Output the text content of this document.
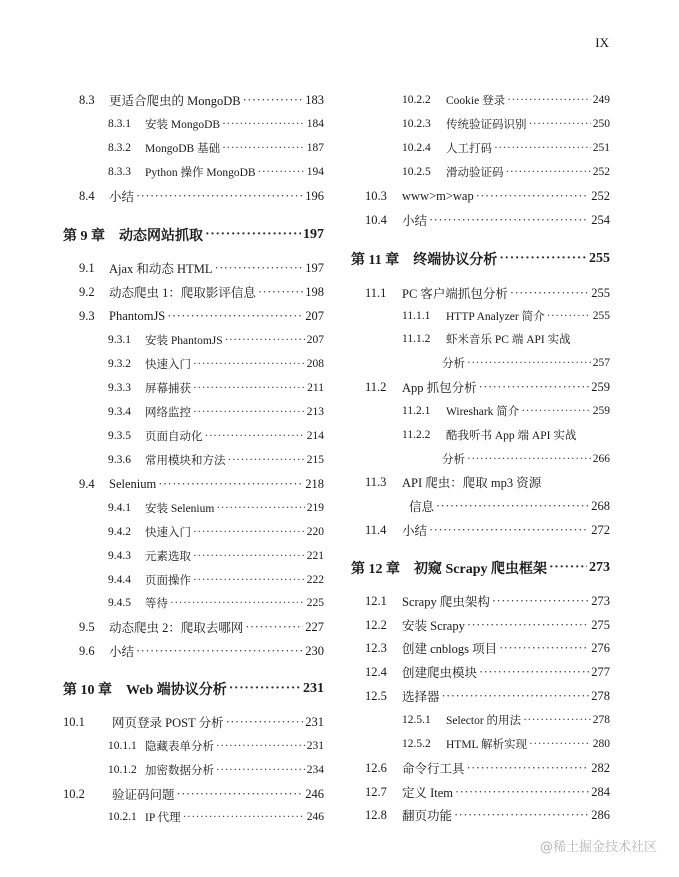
IX
8.3 更适合爬虫的 MongoDB ·····	183
8.3.1	安装 MongoDB ·····	184
8.3.2	MongoDB 基础 ·····	187
8.3.3	Python 操作 MongoDB ·····	194
8.4 小结 ·····	196
第 9 章 动态网站抓取 ·····	197
9.1 Ajax 和动态 HTML ·····	197
9.2 动态爬虫 1：爬取影评信息 ·····	198
9.3 PhantomJS ·····	207
9.3.1	安装 PhantomJS ·····	207
9.3.2	快速入门 ·····	208
9.3.3	屏幕捕获 ·····	211
9.3.4	网络监控 ·····	213
9.3.5	页面自动化 ·····	214
9.3.6	常用模块和方法 ·····	215
9.4 Selenium ·····	218
9.4.1	安装 Selenium ·····	219
9.4.2	快速入门 ·····	220
9.4.3	元素选取 ·····	221
9.4.4	页面操作 ·····	222
9.4.5	等待 ·····	225
9.5 动态爬虫 2：爬取去哪网 ·····	227
9.6 小结 ·····	230
第 10 章 Web 端协议分析 ·····	231
10.1	网页登录 POST 分析 ·····	231
10.1.1 隐藏表单分析 ·····	231
10.1.2 加密数据分析 ·····	234
10.2	验证码问题 ·····	246
10.2.1 IP 代理 ·····	246
10.2.2	Cookie 登录 ·····	249
10.2.3	传统验证码识别 ·····	250
10.2.4	人工打码 ·····	251
10.2.5	滑动验证码 ·····	252
10.3 www>m>wap ·····	252
10.4 小结 ·····	254
第 11 章 终端协议分析 ·····	255
11.1 PC 客户端抓包分析 ·····	255
11.1.1	HTTP Analyzer 简介 ·····	255
11.1.2	虾米音乐 PC 端 API 实战
分析 ·····	257
11.2 App 抓包分析 ·····	259
11.2.1	Wireshark 简介 ·····	259
11.2.2	酷我听书 App 端 API 实战
分析 ·····	266
11.3 API 爬虫：爬取 mp3 资源
信息 ·····	268
11.4 小结 ·····	272
第 12 章 初窥 Scrapy 爬虫框架 ·····	273
12.1 Scrapy 爬虫架构 ·····	273
12.2 安装 Scrapy ·····	275
12.3 创建 cnblogs 项目 ·····	276
12.4 创建爬虫模块 ·····	277
12.5 选择器 ·····	278
12.5.1	Selector 的用法 ·····	278
12.5.2	HTML 解析实现 ·····	280
12.6 命令行工具 ·····	282
12.7 定义 Item ·····	284
12.8 翻页功能 ·····	286
@稀土掘金技术社区
